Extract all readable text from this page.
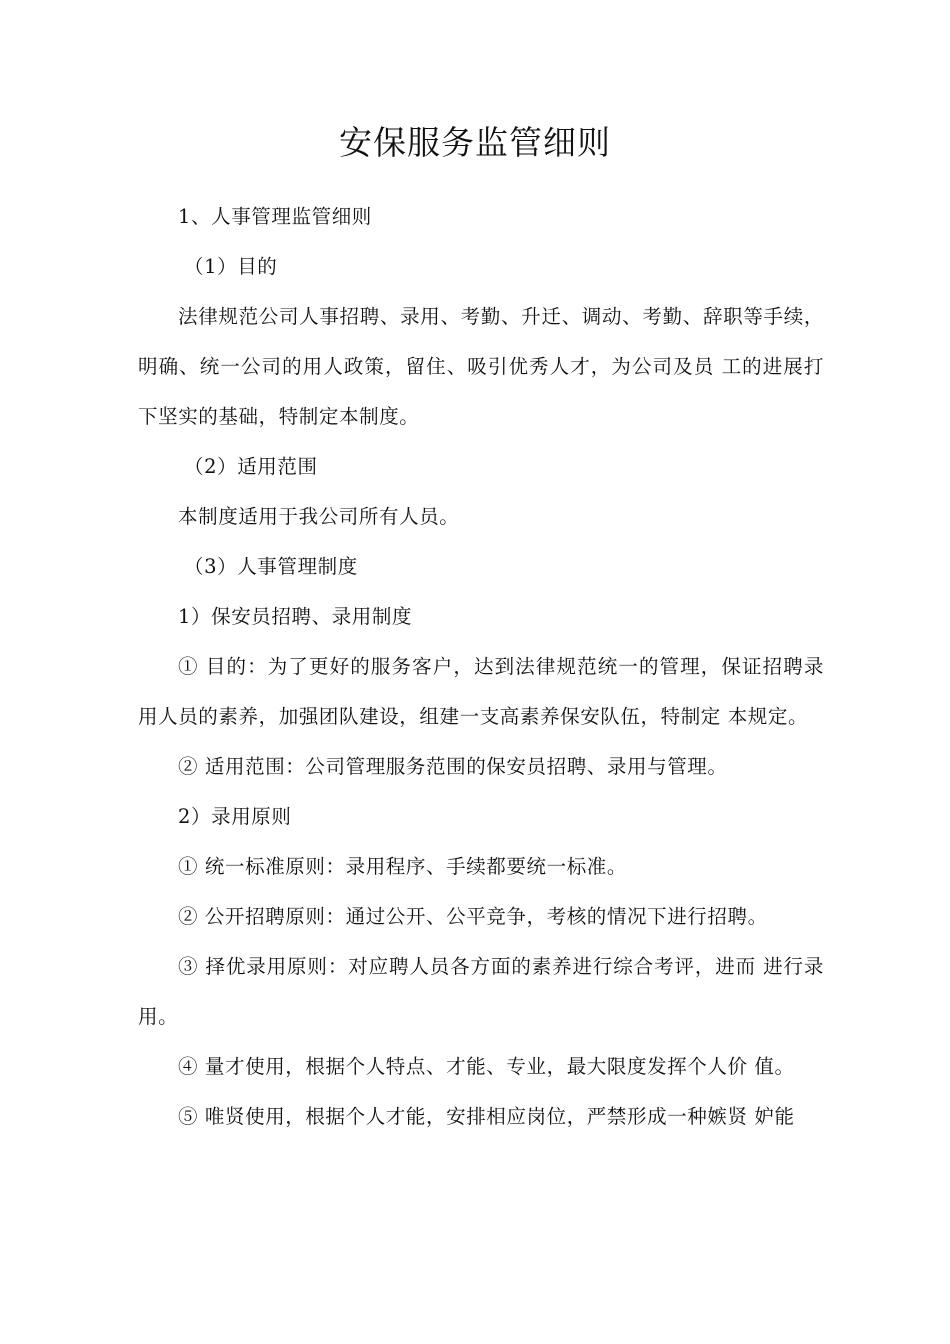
安保服务监管细则

1、人事管理监管细则

（1）目的

法律规范公司人事招聘、录用、考勤、升迁、调动、考勤、辞职等手续，明确、统一公司的用人政策，留住、吸引优秀人才，为公司及员 工的进展打下坚实的基础，特制定本制度。

（2）适用范围

本制度适用于我公司所有人员。

（3）人事管理制度

1）保安员招聘、录用制度

① 目的：为了更好的服务客户，达到法律规范统一的管理，保证招聘录用人员的素养，加强团队建设，组建一支高素养保安队伍，特制定 本规定。

② 适用范围：公司管理服务范围的保安员招聘、录用与管理。

2）录用原则

① 统一标准原则：录用程序、手续都要统一标准。

② 公开招聘原则：通过公开、公平竞争，考核的情况下进行招聘。

③ 择优录用原则：对应聘人员各方面的素养进行综合考评，进而 进行录用。

④ 量才使用，根据个人特点、才能、专业，最大限度发挥个人价 值。

⑤ 唯贤使用，根据个人才能，安排相应岗位，严禁形成一种嫉贤 妒能
